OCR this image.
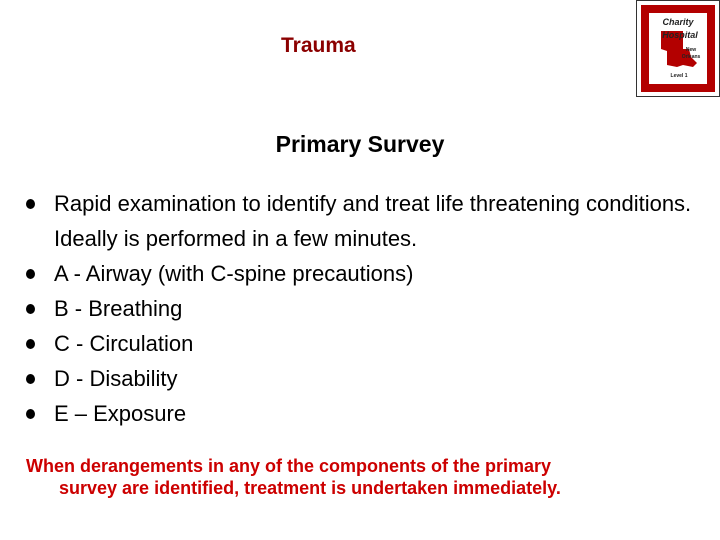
Trauma
Charity
Hospital
New
Orleans
Level 1
Primary Survey
Rapid examination to identify and treat life threatening conditions. Ideally is performed in a few minutes.
A - Airway (with C-spine precautions)
B - Breathing
C - Circulation
D - Disability
E – Exposure
When derangements in any of the components of the primary
survey are identified, treatment is undertaken immediately.
